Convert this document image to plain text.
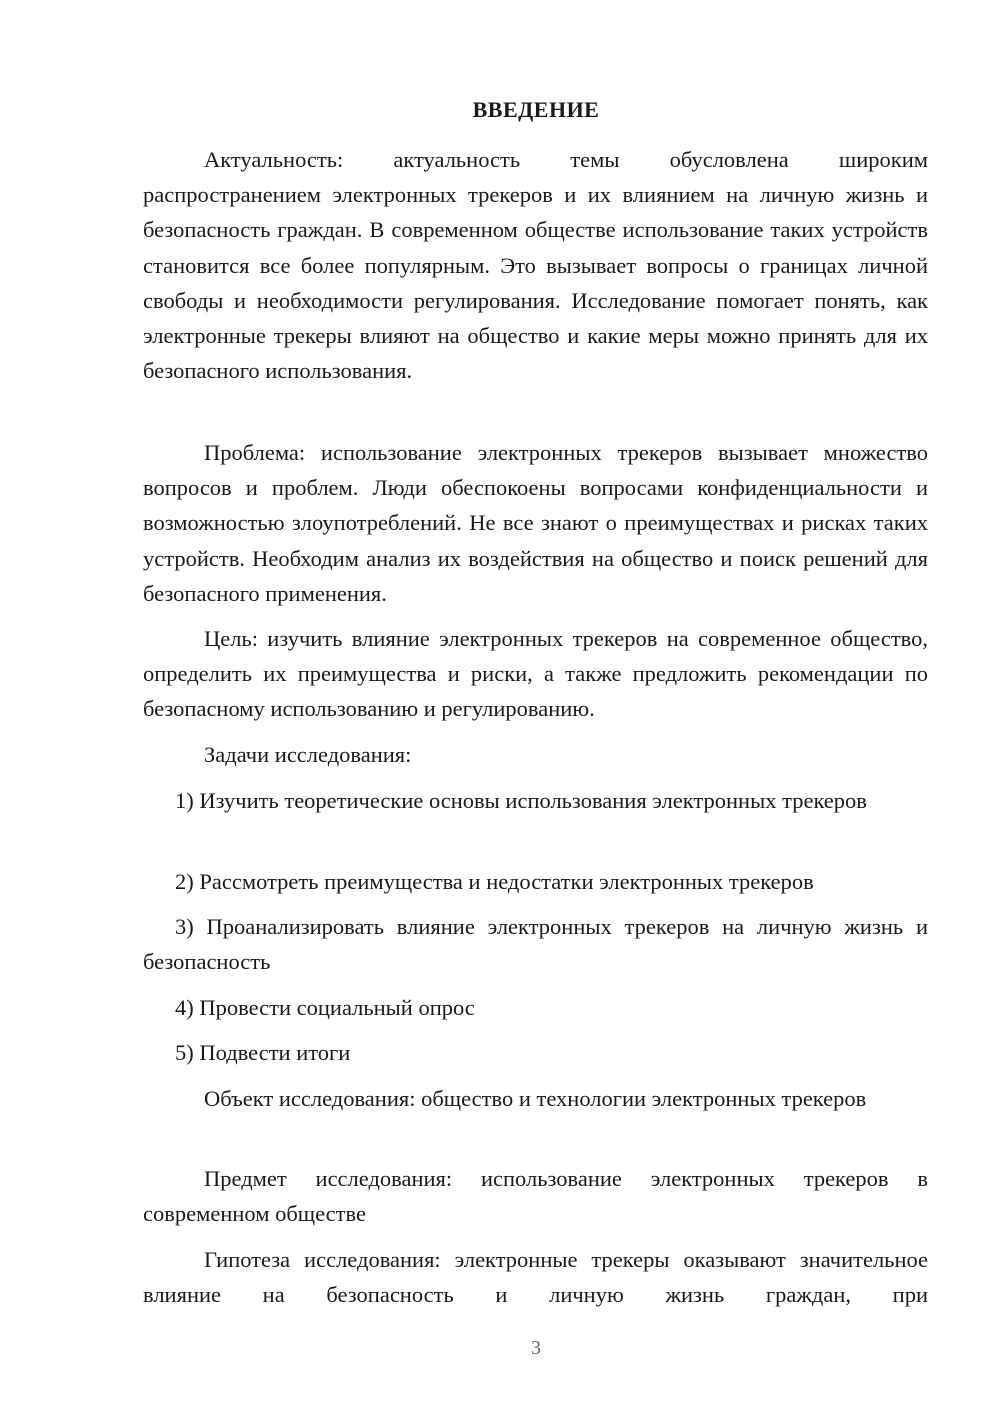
ВВЕДЕНИЕ

Актуальность: актуальность темы обусловлена широким распространением электронных трекеров и их влиянием на личную жизнь и безопасность граждан. В современном обществе использование таких устройств становится все более популярным. Это вызывает вопросы о границах личной свободы и необходимости регулирования. Исследование помогает понять, как электронные трекеры влияют на общество и какие меры можно принять для их безопасного использования.

Проблема: использование электронных трекеров вызывает множество вопросов и проблем. Люди обеспокоены вопросами конфиденциальности и возможностью злоупотреблений. Не все знают о преимуществах и рисках таких устройств. Необходим анализ их воздействия на общество и поиск решений для безопасного применения.

Цель: изучить влияние электронных трекеров на современное общество, определить их преимущества и риски, а также предложить рекомендации по безопасному использованию и регулированию.

Задачи исследования:

1) Изучить теоретические основы использования электронных трекеров

2) Рассмотреть преимущества и недостатки электронных трекеров

3) Проанализировать влияние электронных трекеров на личную жизнь и безопасность

4) Провести социальный опрос

5) Подвести итоги

Объект исследования: общество и технологии электронных трекеров

Предмет исследования: использование электронных трекеров в современном обществе

Гипотеза исследования: электронные трекеры оказывают значительное влияние на безопасность и личную жизнь граждан, при

3
